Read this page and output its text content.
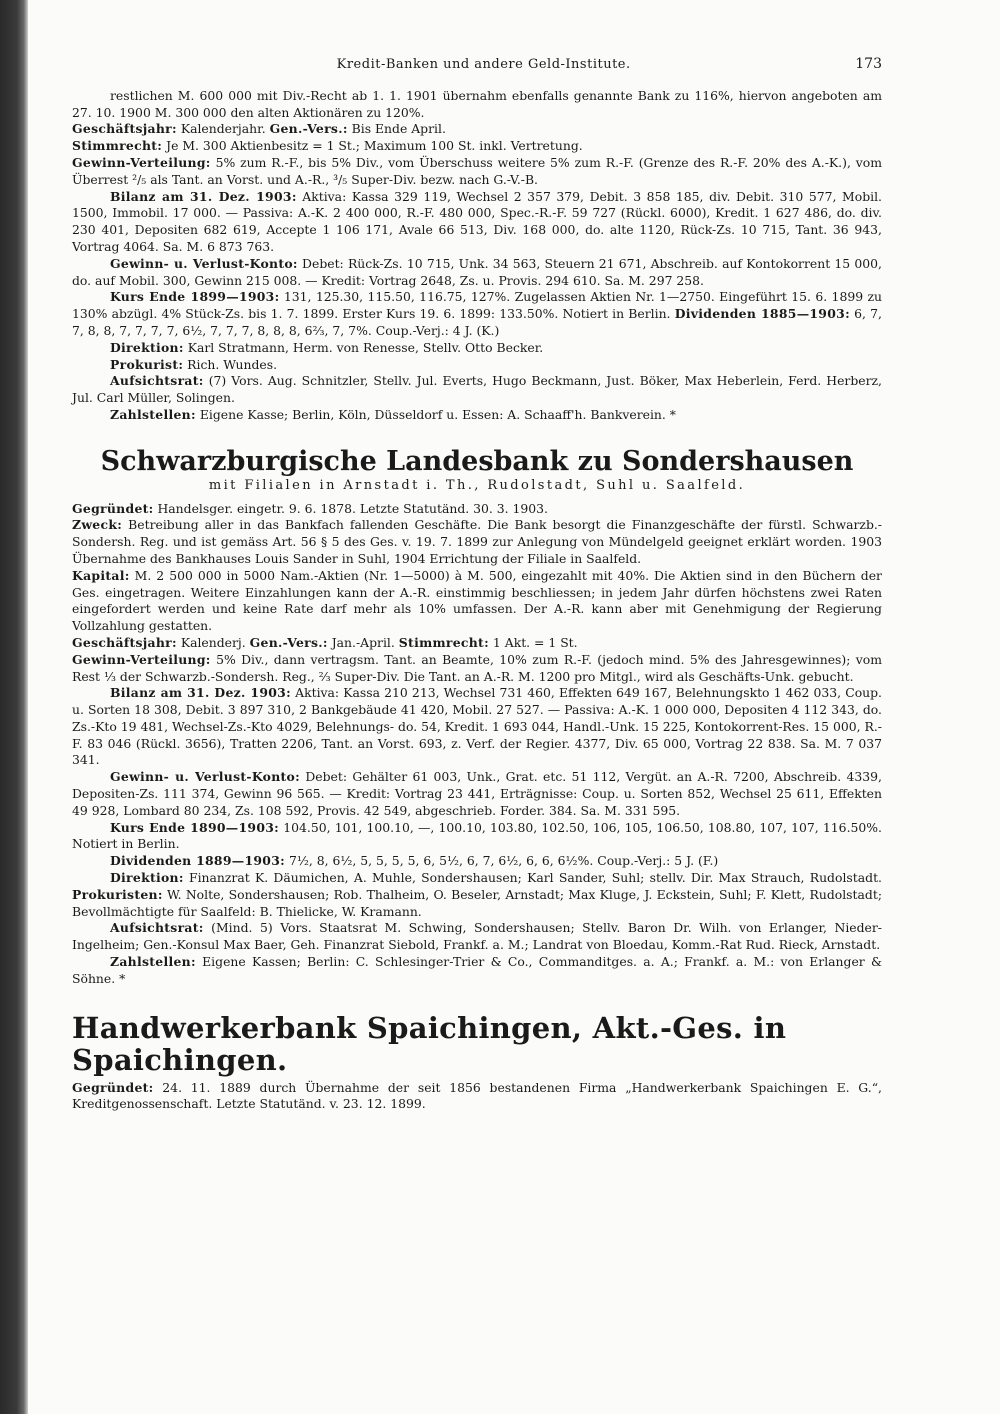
Kredit-Banken und andere Geld-Institute.	173

restlichen M. 600 000 mit Div.-Recht ab 1. 1. 1901 übernahm ebenfalls genannte Bank zu 116%, hiervon angeboten am 27. 10. 1900 M. 300 000 den alten Aktionären zu 120%.

Geschäftsjahr: Kalenderjahr. Gen.-Vers.: Bis Ende April.

Stimmrecht: Je M. 300 Aktienbesitz = 1 St.; Maximum 100 St. inkl. Vertretung.

Gewinn-Verteilung: 5% zum R.-F., bis 5% Div., vom Überschuss weitere 5% zum R.-F. (Grenze des R.-F. 20% des A.-K.), vom Überrest ²/₅ als Tant. an Vorst. und A.-R., ³/₅ Super-Div. bezw. nach G.-V.-B.

Bilanz am 31. Dez. 1903: Aktiva: Kassa 329 119, Wechsel 2 357 379, Debit. 3 858 185, div. Debit. 310 577, Mobil. 1500, Immobil. 17 000. — Passiva: A.-K. 2 400 000, R.-F. 480 000, Spec.-R.-F. 59 727 (Rückl. 6000), Kredit. 1 627 486, do. div. 230 401, Depositen 682 619, Accepte 1 106 171, Avale 66 513, Div. 168 000, do. alte 1120, Rück-Zs. 10 715, Tant. 36 943, Vortrag 4064. Sa. M. 6 873 763.

Gewinn- u. Verlust-Konto: Debet: Rück-Zs. 10 715, Unk. 34 563, Steuern 21 671, Abschreib. auf Kontokorrent 15 000, do. auf Mobil. 300, Gewinn 215 008. — Kredit: Vortrag 2648, Zs. u. Provis. 294 610. Sa. M. 297 258.

Kurs Ende 1899—1903: 131, 125.30, 115.50, 116.75, 127%. Zugelassen Aktien Nr. 1—2750. Eingeführt 15. 6. 1899 zu 130% abzügl. 4% Stück-Zs. bis 1. 7. 1899. Erster Kurs 19. 6. 1899: 133.50%. Notiert in Berlin. Dividenden 1885—1903: 6, 7, 7, 8, 8, 7, 7, 7, 7, 6½, 7, 7, 7, 8, 8, 8, 6⅔, 7, 7%. Coup.-Verj.: 4 J. (K.)

Direktion: Karl Stratmann, Herm. von Renesse, Stellv. Otto Becker.

Prokurist: Rich. Wundes.

Aufsichtsrat: (7) Vors. Aug. Schnitzler, Stellv. Jul. Everts, Hugo Beckmann, Just. Böker, Max Heberlein, Ferd. Herberz, Jul. Carl Müller, Solingen.

Zahlstellen: Eigene Kasse; Berlin, Köln, Düsseldorf u. Essen: A. Schaaff'h. Bankverein. *

Schwarzburgische Landesbank zu Sondershausen
mit Filialen in Arnstadt i. Th., Rudolstadt, Suhl u. Saalfeld.

Gegründet: Handelsger. eingetr. 9. 6. 1878. Letzte Statutänd. 30. 3. 1903.

Zweck: Betreibung aller in das Bankfach fallenden Geschäfte. Die Bank besorgt die Finanzgeschäfte der fürstl. Schwarzb.-Sondersh. Reg. und ist gemäss Art. 56 § 5 des Ges. v. 19. 7. 1899 zur Anlegung von Mündelgeld geeignet erklärt worden. 1903 Übernahme des Bankhauses Louis Sander in Suhl, 1904 Errichtung der Filiale in Saalfeld.

Kapital: M. 2 500 000 in 5000 Nam.-Aktien (Nr. 1—5000) à M. 500, eingezahlt mit 40%. Die Aktien sind in den Büchern der Ges. eingetragen. Weitere Einzahlungen kann der A.-R. einstimmig beschliessen; in jedem Jahr dürfen höchstens zwei Raten eingefordert werden und keine Rate darf mehr als 10% umfassen. Der A.-R. kann aber mit Genehmigung der Regierung Vollzahlung gestatten.

Geschäftsjahr: Kalenderj. Gen.-Vers.: Jan.-April. Stimmrecht: 1 Akt. = 1 St.

Gewinn-Verteilung: 5% Div., dann vertragsm. Tant. an Beamte, 10% zum R.-F. (jedoch mind. 5% des Jahresgewinnes); vom Rest ⅓ der Schwarzb.-Sondersh. Reg., ⅔ Super-Div. Die Tant. an A.-R. M. 1200 pro Mitgl., wird als Geschäfts-Unk. gebucht.

Bilanz am 31. Dez. 1903: Aktiva: Kassa 210 213, Wechsel 731 460, Effekten 649 167, Belehnungskto 1 462 033, Coup. u. Sorten 18 308, Debit. 3 897 310, 2 Bankgebäude 41 420, Mobil. 27 527. — Passiva: A.-K. 1 000 000, Depositen 4 112 343, do. Zs.-Kto 19 481, Wechsel-Zs.-Kto 4029, Belehnungs- do. 54, Kredit. 1 693 044, Handl.-Unk. 15 225, Kontokorrent-Res. 15 000, R.-F. 83 046 (Rückl. 3656), Tratten 2206, Tant. an Vorst. 693, z. Verf. der Regier. 4377, Div. 65 000, Vortrag 22 838. Sa. M. 7 037 341.

Gewinn- u. Verlust-Konto: Debet: Gehälter 61 003, Unk., Grat. etc. 51 112, Vergüt. an A.-R. 7200, Abschreib. 4339, Depositen-Zs. 111 374, Gewinn 96 565. — Kredit: Vortrag 23 441, Erträgnisse: Coup. u. Sorten 852, Wechsel 25 611, Effekten 49 928, Lombard 80 234, Zs. 108 592, Provis. 42 549, abgeschrieb. Forder. 384. Sa. M. 331 595.

Kurs Ende 1890—1903: 104.50, 101, 100.10, —, 100.10, 103.80, 102.50, 106, 105, 106.50, 108.80, 107, 107, 116.50%. Notiert in Berlin.

Dividenden 1889—1903: 7½, 8, 6½, 5, 5, 5, 5, 6, 5½, 6, 7, 6½, 6, 6, 6½%. Coup.-Verj.: 5 J. (F.)

Direktion: Finanzrat K. Däumichen, A. Muhle, Sondershausen; Karl Sander, Suhl; stellv. Dir. Max Strauch, Rudolstadt. Prokuristen: W. Nolte, Sondershausen; Rob. Thalheim, O. Beseler, Arnstadt; Max Kluge, J. Eckstein, Suhl; F. Klett, Rudolstadt; Bevollmächtigte für Saalfeld: B. Thielicke, W. Kramann.

Aufsichtsrat: (Mind. 5) Vors. Staatsrat M. Schwing, Sondershausen; Stellv. Baron Dr. Wilh. von Erlanger, Nieder-Ingelheim; Gen.-Konsul Max Baer, Geh. Finanzrat Siebold, Frankf. a. M.; Landrat von Bloedau, Komm.-Rat Rud. Rieck, Arnstadt.

Zahlstellen: Eigene Kassen; Berlin: C. Schlesinger-Trier & Co., Commanditges. a. A.; Frankf. a. M.: von Erlanger & Söhne. *

Handwerkerbank Spaichingen, Akt.-Ges. in Spaichingen.

Gegründet: 24. 11. 1889 durch Übernahme der seit 1856 bestandenen Firma „Handwerkerbank Spaichingen E. G.“, Kreditgenossenschaft. Letzte Statutänd. v. 23. 12. 1899.
